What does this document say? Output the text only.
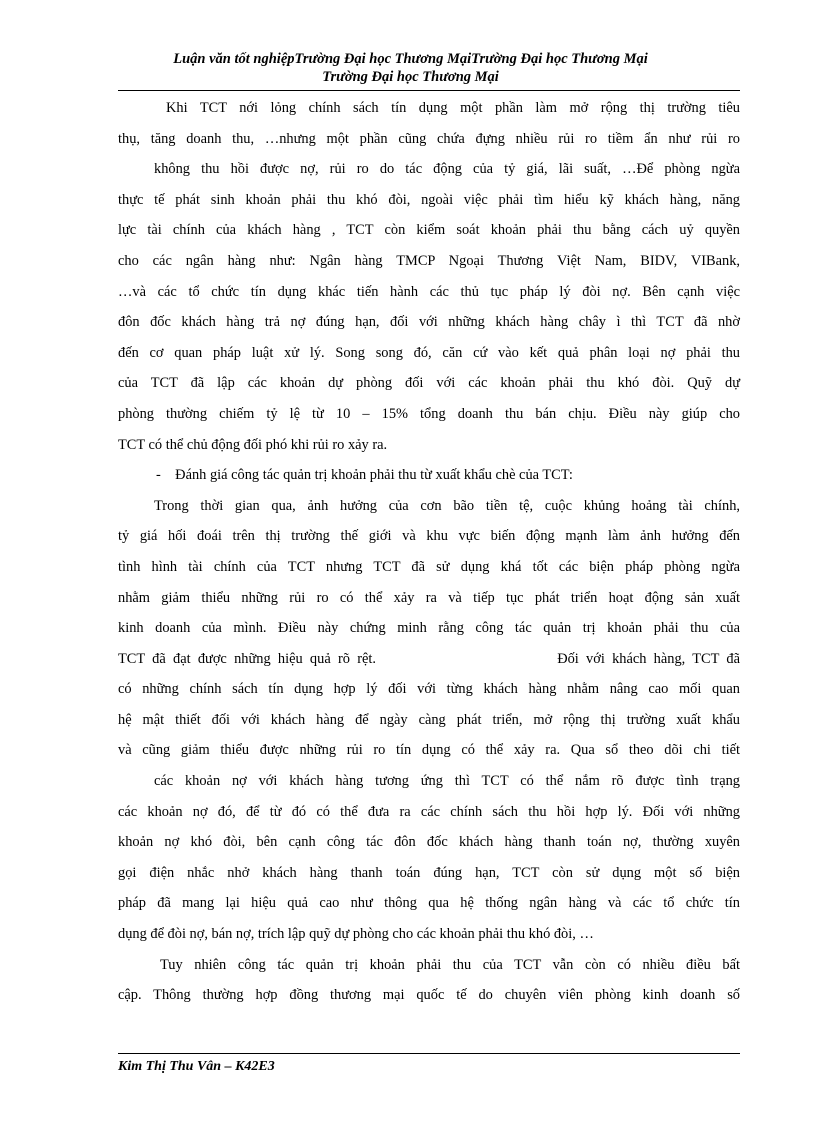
Luận văn tốt nghiệpTrường Đại học Thương MạiTrường Đại học Thương Mại
Trường Đại học Thương Mại
Khi TCT nới lỏng chính sách tín dụng một phần làm mở rộng thị trường tiêu
thụ, tăng doanh thu, …nhưng một phần cũng chứa đựng nhiều rủi ro tiềm ẩn như rủi ro
không thu hồi được nợ, rủi ro do tác động của tỷ giá, lãi suất, …Để phòng ngừa
thực tế phát sinh khoản phải thu khó đòi, ngoài việc phải tìm hiểu kỹ khách hàng, năng
lực tài chính của khách hàng , TCT còn kiểm soát khoản phải thu bằng cách uỷ quyền
cho các ngân hàng như: Ngân hàng TMCP Ngoại Thương Việt Nam, BIDV, VIBank,
…và các tổ chức tín dụng khác tiến hành các thủ tục pháp lý đòi nợ. Bên cạnh việc
đôn đốc khách hàng trả nợ đúng hạn, đối với những khách hàng chây ì thì TCT đã nhờ
đến cơ quan pháp luật xử lý. Song song đó, căn cứ vào kết quả phân loại nợ phải thu
của TCT đã lập các khoản dự phòng đối với các khoản phải thu khó đòi. Quỹ dự
phòng thường chiếm tỷ lệ từ 10 – 15% tổng doanh thu bán chịu. Điều này giúp cho
TCT có thể chủ động đối phó khi rủi ro xảy ra.
-    Đánh giá công tác quản trị khoản phải thu từ xuất khẩu chè của TCT:
Trong thời gian qua, ảnh hưởng của cơn bão tiền tệ, cuộc khủng hoảng tài chính,
tỷ giá hối đoái trên thị trường thế giới và khu vực biến động mạnh làm ảnh hưởng đến
tình hình tài chính của TCT nhưng TCT đã sử dụng khá tốt các biện pháp phòng ngừa
nhằm giảm thiểu những rủi ro có thể xảy ra và tiếp tục phát triển hoạt động sản xuất
kinh doanh của mình. Điều này chứng minh rằng công tác quản trị khoản phải thu của
TCT đã đạt được những hiệu quả rõ rệt.                         Đối với khách hàng, TCT đã
có những chính sách tín dụng hợp lý đối với từng khách hàng nhằm nâng cao mối quan
hệ mật thiết đối với khách hàng để ngày càng phát triển, mở rộng thị trường xuất khẩu
và cũng giảm thiểu được những rủi ro tín dụng có thể xảy ra. Qua sổ theo dõi chi tiết
các khoản nợ với khách hàng tương ứng thì TCT có thể nắm rõ được tình trạng
các khoản nợ đó, để từ đó có thể đưa ra các chính sách thu hồi hợp lý. Đối với những
khoản nợ khó đòi, bên cạnh công tác đôn đốc khách hàng thanh toán nợ, thường xuyên
gọi điện nhắc nhở khách hàng thanh toán đúng hạn, TCT còn sử dụng một số biện
pháp đã mang lại hiệu quả cao như thông qua hệ thống ngân hàng và các tổ chức tín
dụng để đòi nợ, bán nợ, trích lập quỹ dự phòng cho các khoản phải thu khó đòi, …
Tuy nhiên công tác quản trị khoản phải thu của TCT vẫn còn có nhiều điều bất
cập. Thông thường hợp đồng thương mại quốc tế do chuyên viên phòng kinh doanh số
Kim Thị Thu Vân – K42E3
